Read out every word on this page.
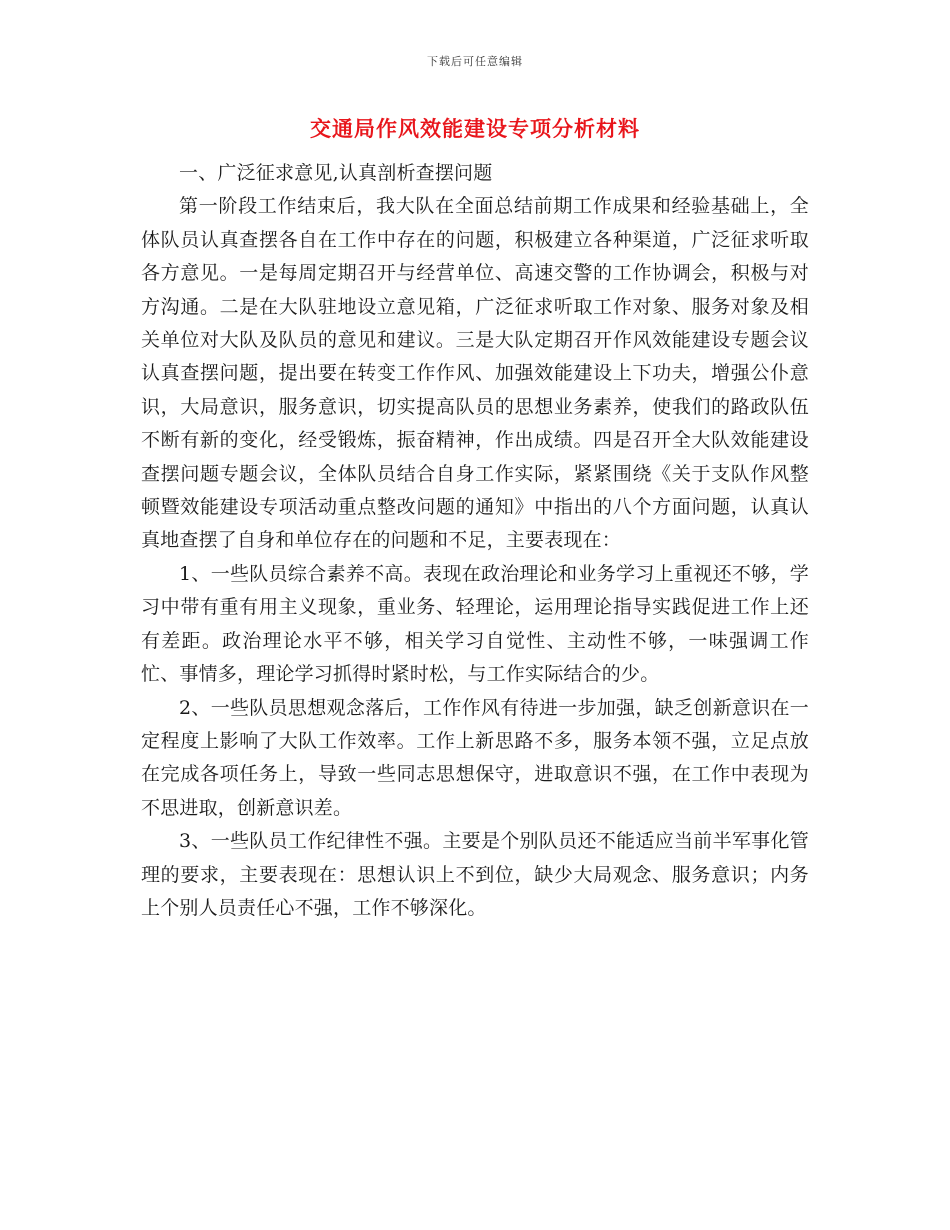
下载后可任意编辑
交通局作风效能建设专项分析材料

一、广泛征求意见,认真剖析查摆问题

第一阶段工作结束后，我大队在全面总结前期工作成果和经验基础上，全体队员认真查摆各自在工作中存在的问题，积极建立各种渠道，广泛征求听取各方意见。一是每周定期召开与经营单位、高速交警的工作协调会，积极与对方沟通。二是在大队驻地设立意见箱，广泛征求听取工作对象、服务对象及相关单位对大队及队员的意见和建议。三是大队定期召开作风效能建设专题会议认真查摆问题，提出要在转变工作作风、加强效能建设上下功夫，增强公仆意识，大局意识，服务意识，切实提高队员的思想业务素养，使我们的路政队伍不断有新的变化，经受锻炼，振奋精神，作出成绩。四是召开全大队效能建设查摆问题专题会议，全体队员结合自身工作实际，紧紧围绕《关于支队作风整顿暨效能建设专项活动重点整改问题的通知》中指出的八个方面问题，认真认真地查摆了自身和单位存在的问题和不足，主要表现在：

1、一些队员综合素养不高。表现在政治理论和业务学习上重视还不够，学习中带有重有用主义现象，重业务、轻理论，运用理论指导实践促进工作上还有差距。政治理论水平不够，相关学习自觉性、主动性不够，一味强调工作忙、事情多，理论学习抓得时紧时松，与工作实际结合的少。

2、一些队员思想观念落后，工作作风有待进一步加强，缺乏创新意识在一定程度上影响了大队工作效率。工作上新思路不多，服务本领不强，立足点放在完成各项任务上，导致一些同志思想保守，进取意识不强，在工作中表现为不思进取，创新意识差。

3、一些队员工作纪律性不强。主要是个别队员还不能适应当前半军事化管理的要求，主要表现在：思想认识上不到位，缺少大局观念、服务意识；内务上个别人员责任心不强，工作不够深化。
